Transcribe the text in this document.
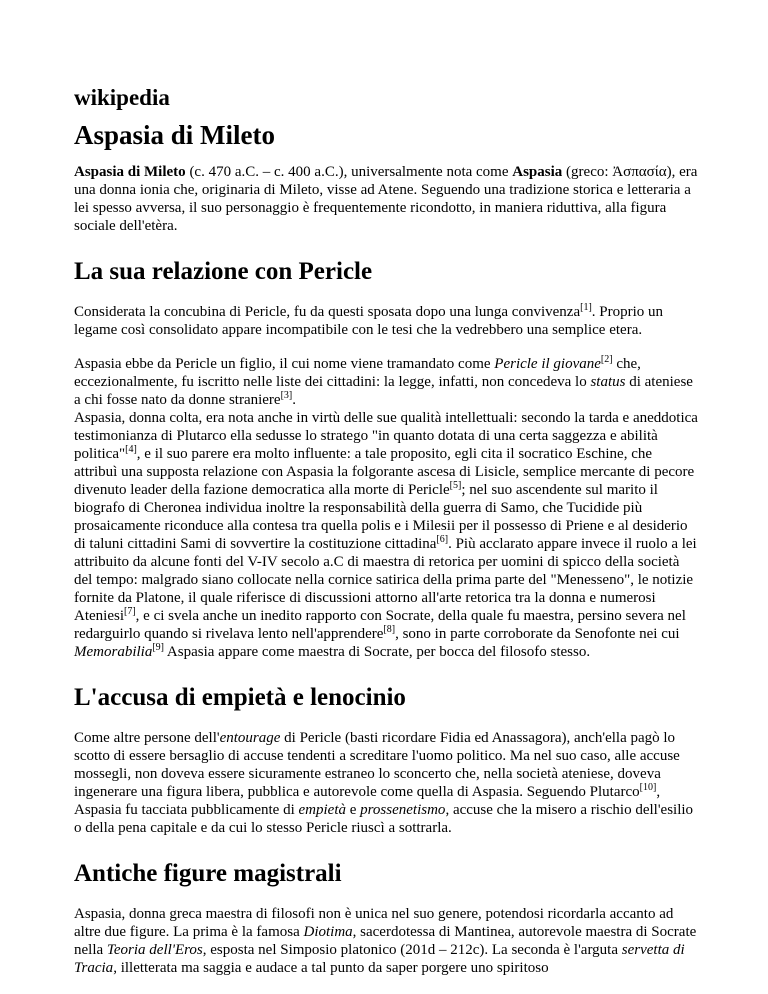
wikipedia
Aspasia di Mileto

Aspasia di Mileto (c. 470 a.C. – c. 400 a.C.), universalmente nota come Aspasia (greco: Ἀσπασία), era una donna ionia che, originaria di Mileto, visse ad Atene. Seguendo una tradizione storica e letteraria a lei spesso avversa, il suo personaggio è frequentemente ricondotto, in maniera riduttiva, alla figura sociale dell'etèra.

La sua relazione con Pericle

Considerata la concubina di Pericle, fu da questi sposata dopo una lunga convivenza[1]. Proprio un legame così consolidato appare incompatibile con le tesi che la vedrebbero una semplice etera.

Aspasia ebbe da Pericle un figlio, il cui nome viene tramandato come Pericle il giovane[2] che, eccezionalmente, fu iscritto nelle liste dei cittadini: la legge, infatti, non concedeva lo status di ateniese a chi fosse nato da donne straniere[3].

Aspasia, donna colta, era nota anche in virtù delle sue qualità intellettuali: secondo la tarda e aneddotica testimonianza di Plutarco ella sedusse lo stratego "in quanto dotata di una certa saggezza e abilità politica"[4], e il suo parere era molto influente: a tale proposito, egli cita il socratico Eschine, che attribuì una supposta relazione con Aspasia la folgorante ascesa di Lisicle, semplice mercante di pecore divenuto leader della fazione democratica alla morte di Pericle[5]; nel suo ascendente sul marito il biografo di Cheronea individua inoltre la responsabilità della guerra di Samo, che Tucidide più prosaicamente riconduce alla contesa tra quella polis e i Milesii per il possesso di Priene e al desiderio di taluni cittadini Sami di sovvertire la costituzione cittadina[6]. Più acclarato appare invece il ruolo a lei attribuito da alcune fonti del V-IV secolo a.C di maestra di retorica per uomini di spicco della società del tempo: malgrado siano collocate nella cornice satirica della prima parte del "Menesseno", le notizie fornite da Platone, il quale riferisce di discussioni attorno all'arte retorica tra la donna e numerosi Ateniesi[7], e ci svela anche un inedito rapporto con Socrate, della quale fu maestra, persino severa nel redarguirlo quando si rivelava lento nell'apprendere[8], sono in parte corroborate da Senofonte nei cui Memorabilia[9] Aspasia appare come maestra di Socrate, per bocca del filosofo stesso.

L'accusa di empietà e lenocinio

Come altre persone dell'entourage di Pericle (basti ricordare Fidia ed Anassagora), anch'ella pagò lo scotto di essere bersaglio di accuse tendenti a screditare l'uomo politico. Ma nel suo caso, alle accuse mossegli, non doveva essere sicuramente estraneo lo sconcerto che, nella società ateniese, doveva ingenerare una figura libera, pubblica e autorevole come quella di Aspasia. Seguendo Plutarco[10], Aspasia fu tacciata pubblicamente di empietà e prossenetismo, accuse che la misero a rischio dell'esilio o della pena capitale e da cui lo stesso Pericle riuscì a sottrarla.

Antiche figure magistrali

Aspasia, donna greca maestra di filosofi non è unica nel suo genere, potendosi ricordarla accanto ad altre due figure. La prima è la famosa Diotima, sacerdotessa di Mantinea, autorevole maestra di Socrate nella Teoria dell'Eros, esposta nel Simposio platonico (201d – 212c). La seconda è l'arguta servetta di Tracia, illetterata ma saggia e audace a tal punto da saper porgere uno spiritoso
